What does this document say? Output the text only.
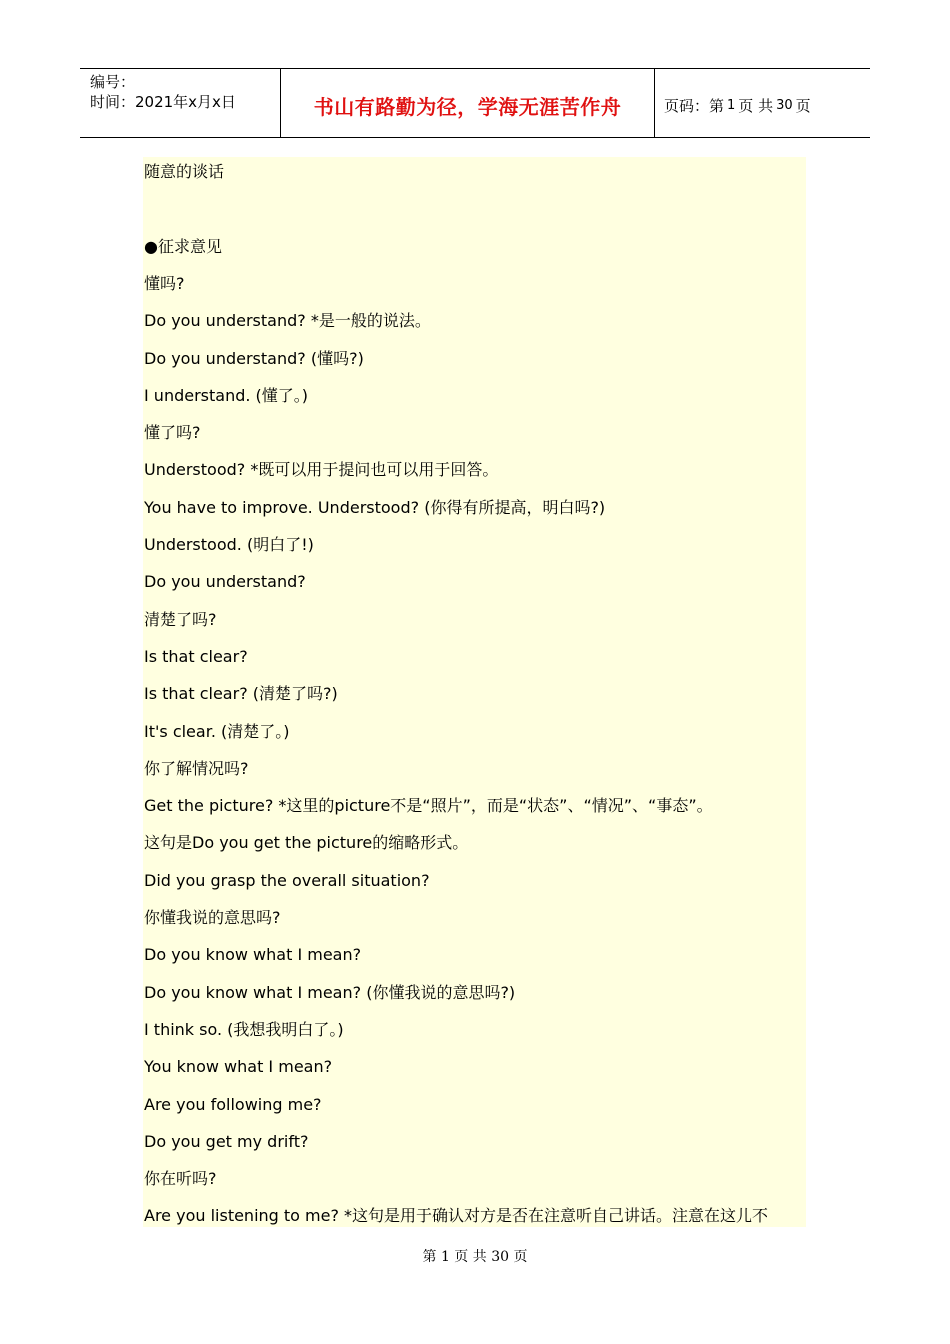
编号：
时间：2021年x月x日	书山有路勤为径，学海无涯苦作舟	页码：第 1 页 共 30 页
随意的谈话
●征求意见
懂吗?
Do you understand? *是一般的说法。
Do you understand? (懂吗?)
I understand. (懂了。)
懂了吗?
Understood? *既可以用于提问也可以用于回答。
You have to improve. Understood? (你得有所提高，明白吗?)
Understood. (明白了!)
Do you understand?
清楚了吗?
Is that clear?
Is that clear? (清楚了吗?)
It's clear. (清楚了。)
你了解情况吗?
Get the picture? *这里的picture不是“照片”，而是“状态”、“情况”、“事态”。
这句是Do you get the picture的缩略形式。
Did you grasp the overall situation?
你懂我说的意思吗?
Do you know what I mean?
Do you know what I mean? (你懂我说的意思吗?)
I think so. (我想我明白了。)
You know what I mean?
Are you following me?
Do you get my drift?
你在听吗?
Are you listening to me? *这句是用于确认对方是否在注意听自己讲话。注意在这儿不
第 1 页 共 30 页
